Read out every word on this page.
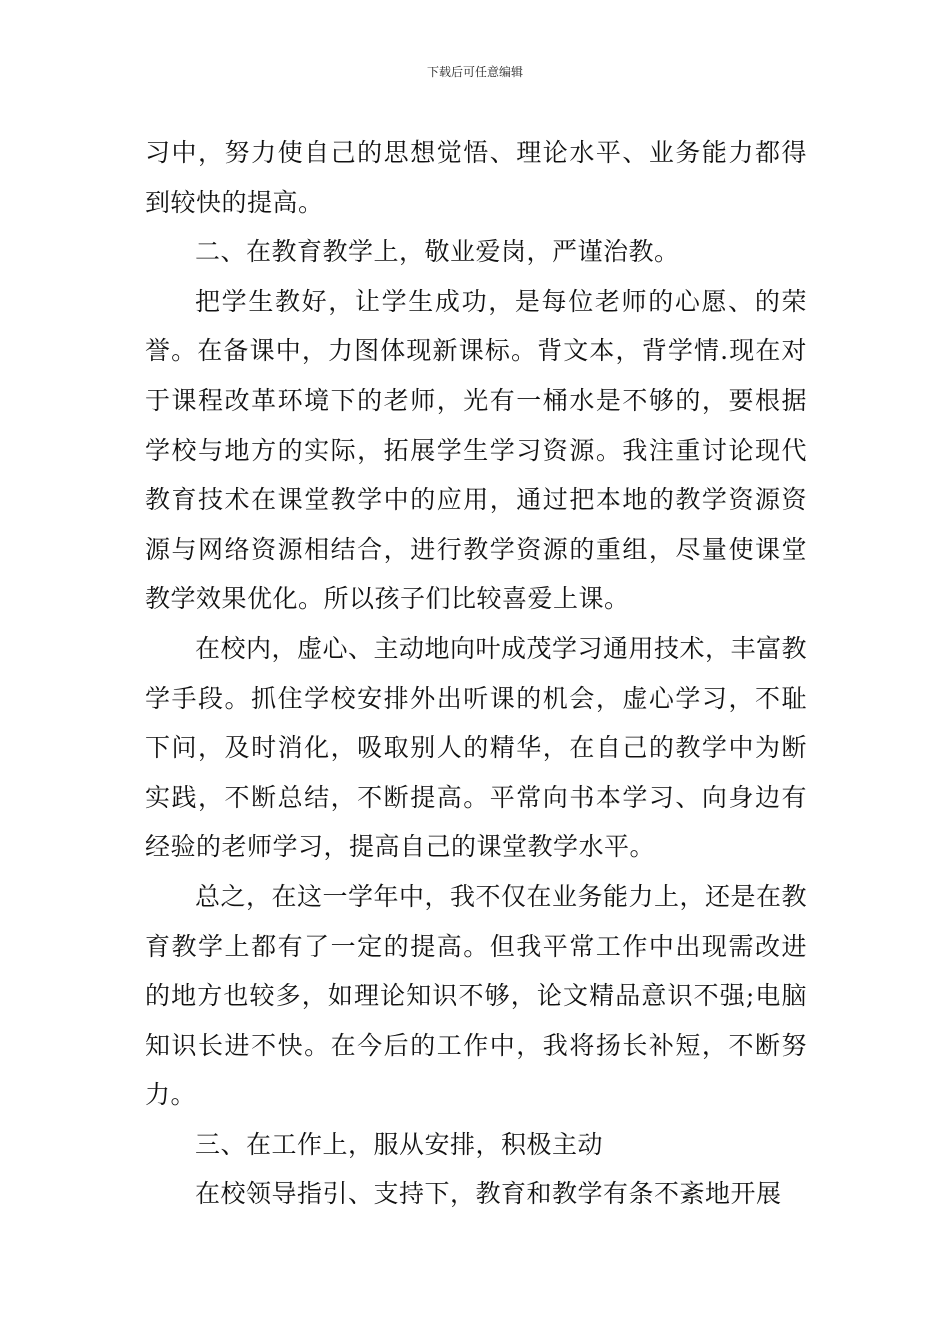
下载后可任意编辑

习中，努力使自己的思想觉悟、理论水平、业务能力都得到较快的提高。

二、在教育教学上，敬业爱岗，严谨治教。

把学生教好，让学生成功，是每位老师的心愿、的荣誉。在备课中，力图体现新课标。背文本，背学情.现在对于课程改革环境下的老师，光有一桶水是不够的，要根据学校与地方的实际，拓展学生学习资源。我注重讨论现代教育技术在课堂教学中的应用，通过把本地的教学资源资源与网络资源相结合，进行教学资源的重组，尽量使课堂教学效果优化。所以孩子们比较喜爱上课。

在校内，虚心、主动地向叶成茂学习通用技术，丰富教学手段。抓住学校安排外出听课的机会，虚心学习，不耻下问，及时消化，吸取别人的精华，在自己的教学中为断实践，不断总结，不断提高。平常向书本学习、向身边有经验的老师学习，提高自己的课堂教学水平。

总之，在这一学年中，我不仅在业务能力上，还是在教育教学上都有了一定的提高。但我平常工作中出现需改进的地方也较多，如理论知识不够，论文精品意识不强;电脑知识长进不快。在今后的工作中，我将扬长补短，不断努力。

三、在工作上，服从安排，积极主动

在校领导指引、支持下，教育和教学有条不紊地开展
